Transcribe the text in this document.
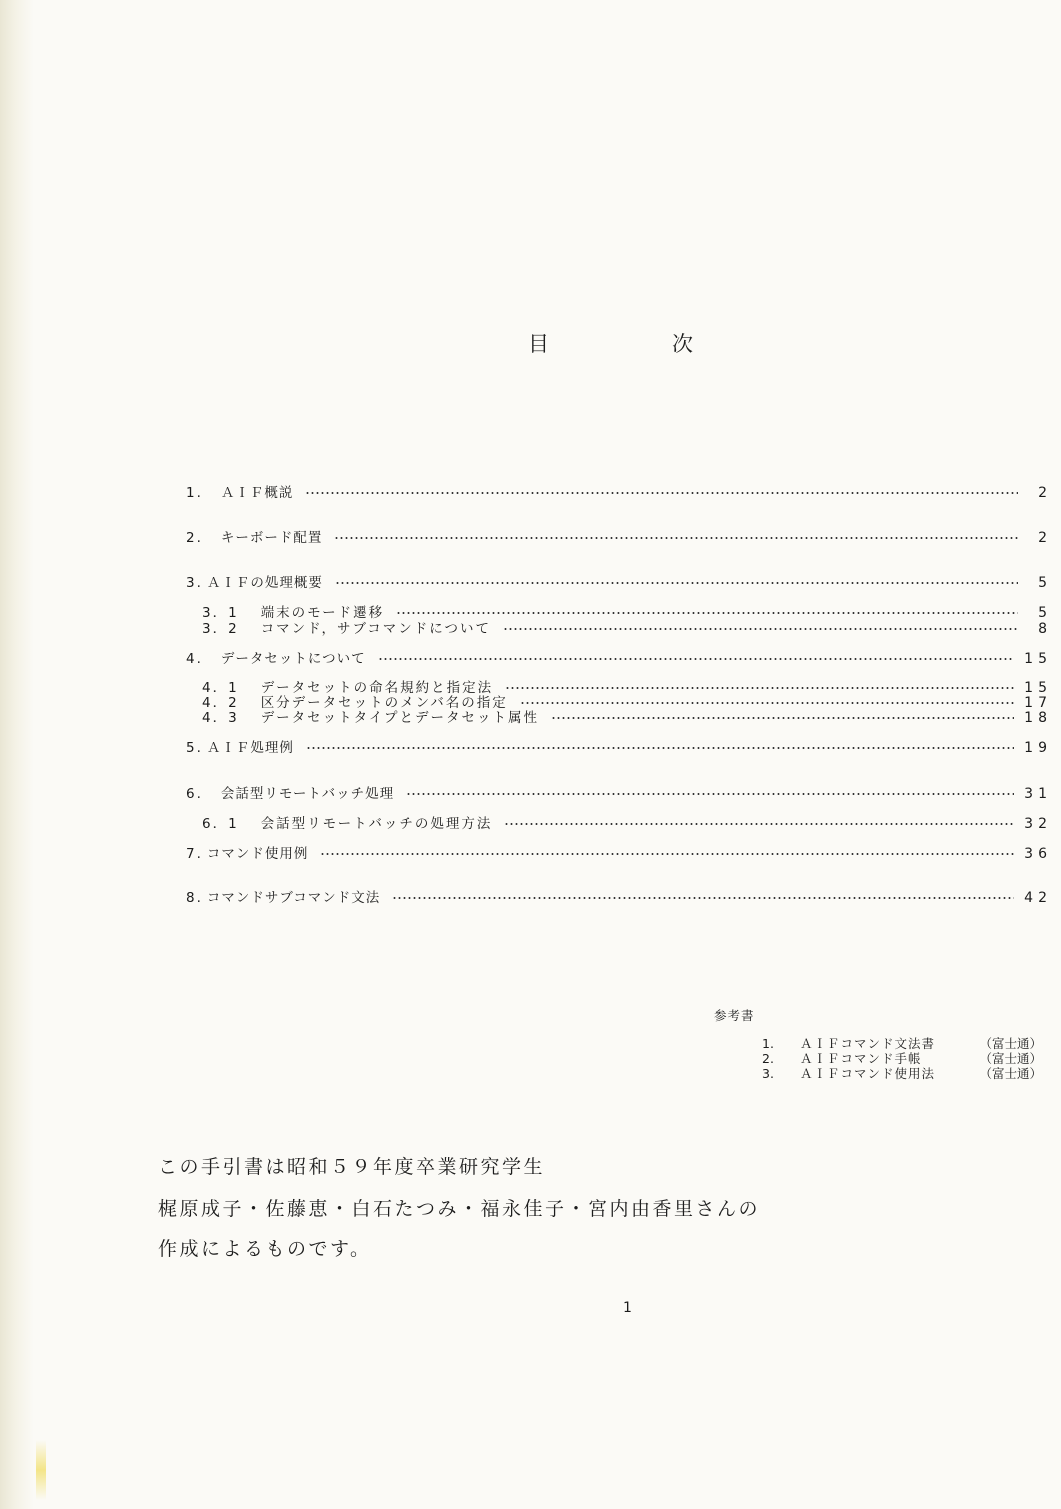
目	次
1. ＡＩＦ概説	2
2. キーボード配置	2
3. ＡＩＦの処理概要	5
3．1 端末のモード遷移	5
3．2 コマンド，サブコマンドについて	8
4. データセットについて	15
4．1 データセットの命名規約と指定法	15
4．2 区分データセットのメンバ名の指定	17
4．3 データセットタイプとデータセット属性	18
5. ＡＩＦ処理例	19
6. 会話型リモートバッチ処理	31
6．1 会話型リモートバッチの処理方法	32
7. コマンド使用例	36
8. コマンドサブコマンド文法	42
参考書
1.	ＡＩＦコマンド文法書	（富士通）
2.	ＡＩＦコマンド手帳	（富士通）
3.	ＡＩＦコマンド使用法	（富士通）
この手引書は昭和５９年度卒業研究学生
梶原成子・佐藤恵・白石たつみ・福永佳子・宮内由香里さんの
作成によるものです。
1
